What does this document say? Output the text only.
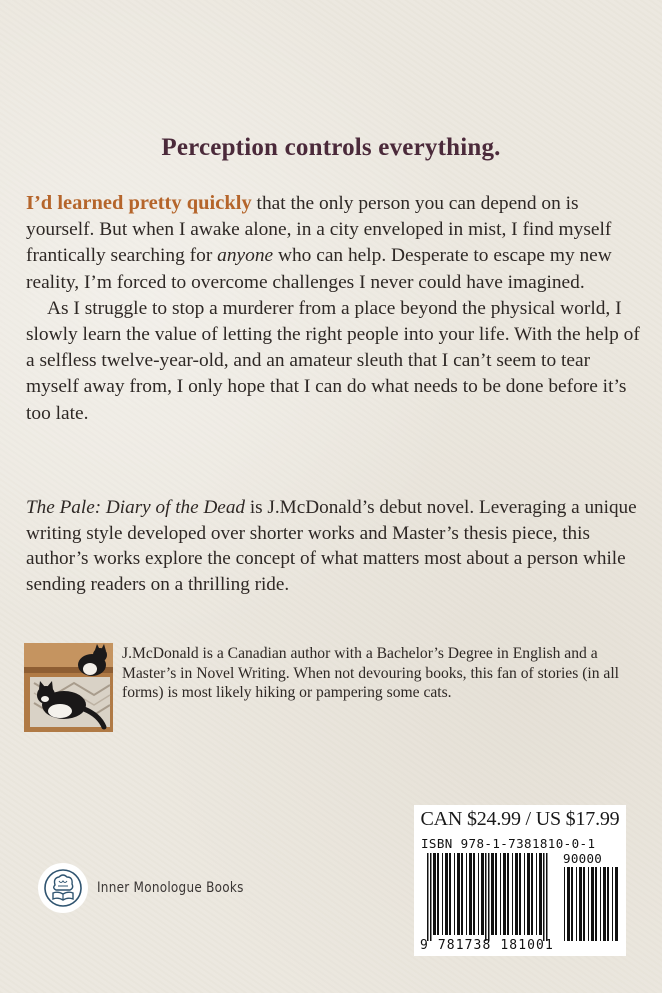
Perception controls everything.

I’d learned pretty quickly that the only person you can depend on is yourself. But when I awake alone, in a city enveloped in mist, I find myself frantically searching for anyone who can help. Desperate to escape my new reality, I’m forced to overcome challenges I never could have imagined.

As I struggle to stop a murderer from a place beyond the physical world, I slowly learn the value of letting the right people into your life. With the help of a selfless twelve-year-old, and an amateur sleuth that I can’t seem to tear myself away from, I only hope that I can do what needs to be done before it’s too late.

The Pale: Diary of the Dead is J.McDonald’s debut novel. Leveraging a unique writing style developed over shorter works and Master’s thesis piece, this author’s works explore the concept of what matters most about a person while sending readers on a thrilling ride.
J.McDonald is a Canadian author with a Bachelor’s Degree in English and a Master’s in Novel Writing. When not devouring books, this fan of stories (in all forms) is most likely hiking or pampering some cats.
Inner Monologue Books
CAN $24.99 / US $17.99
ISBN 978-1-7381810-0-1
90000
9 781738 181001
